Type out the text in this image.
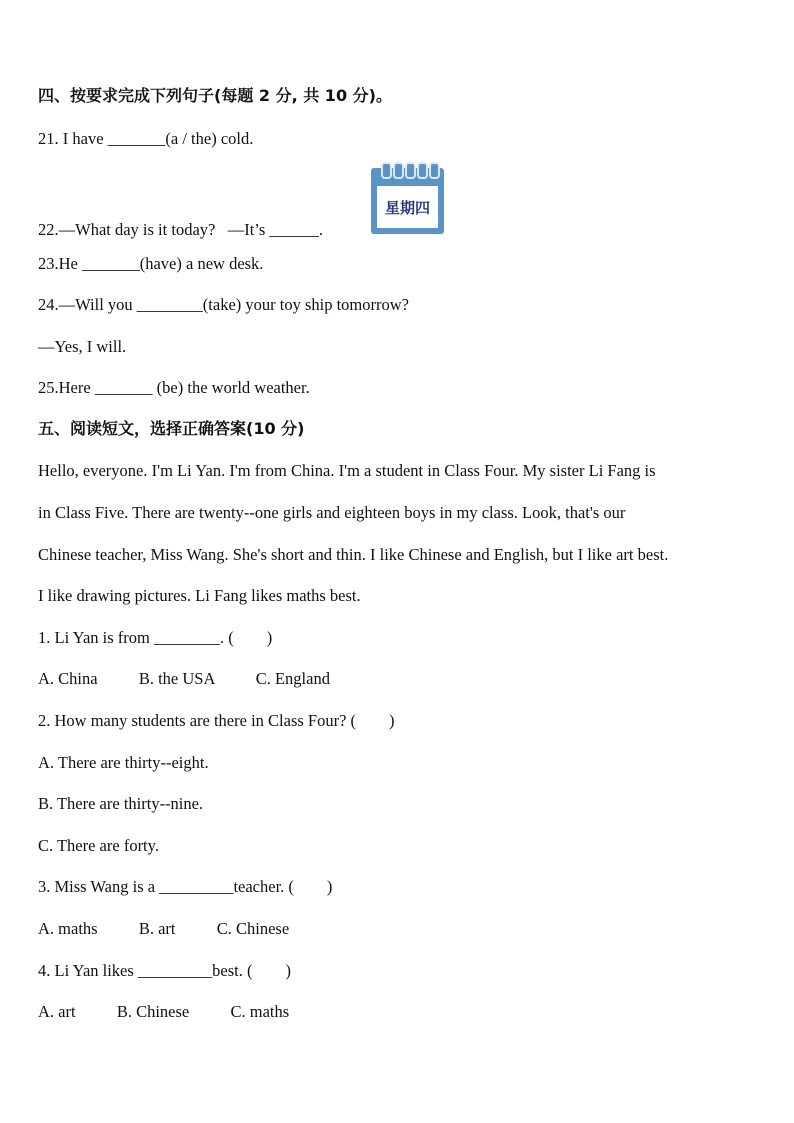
四、按要求完成下列句子(每题 2 分, 共 10 分)。
21. I have _______(a / the) cold.
星期四
22.—What day is it today?   —It’s ______.
23.He _______(have) a new desk.
24.—Will you ________(take) your toy ship tomorrow?
—Yes, I will.
25.Here _______ (be) the world weather.
五、阅读短文，选择正确答案(10 分)
Hello, everyone. I'm Li Yan. I'm from China. I'm a student in Class Four. My sister Li Fang is
in Class Five. There are twenty--one girls and eighteen boys in my class. Look, that's our
Chinese teacher, Miss Wang. She's short and thin. I like Chinese and English, but I like art best.
I like drawing pictures. Li Fang likes maths best.
1. Li Yan is from ________. (        )
A. China          B. the USA          C. England
2. How many students are there in Class Four? (        )
A. There are thirty--eight.
B. There are thirty--nine.
C. There are forty.
3. Miss Wang is a _________teacher. (        )
A. maths          B. art          C. Chinese
4. Li Yan likes _________best. (        )
A. art          B. Chinese          C. maths
